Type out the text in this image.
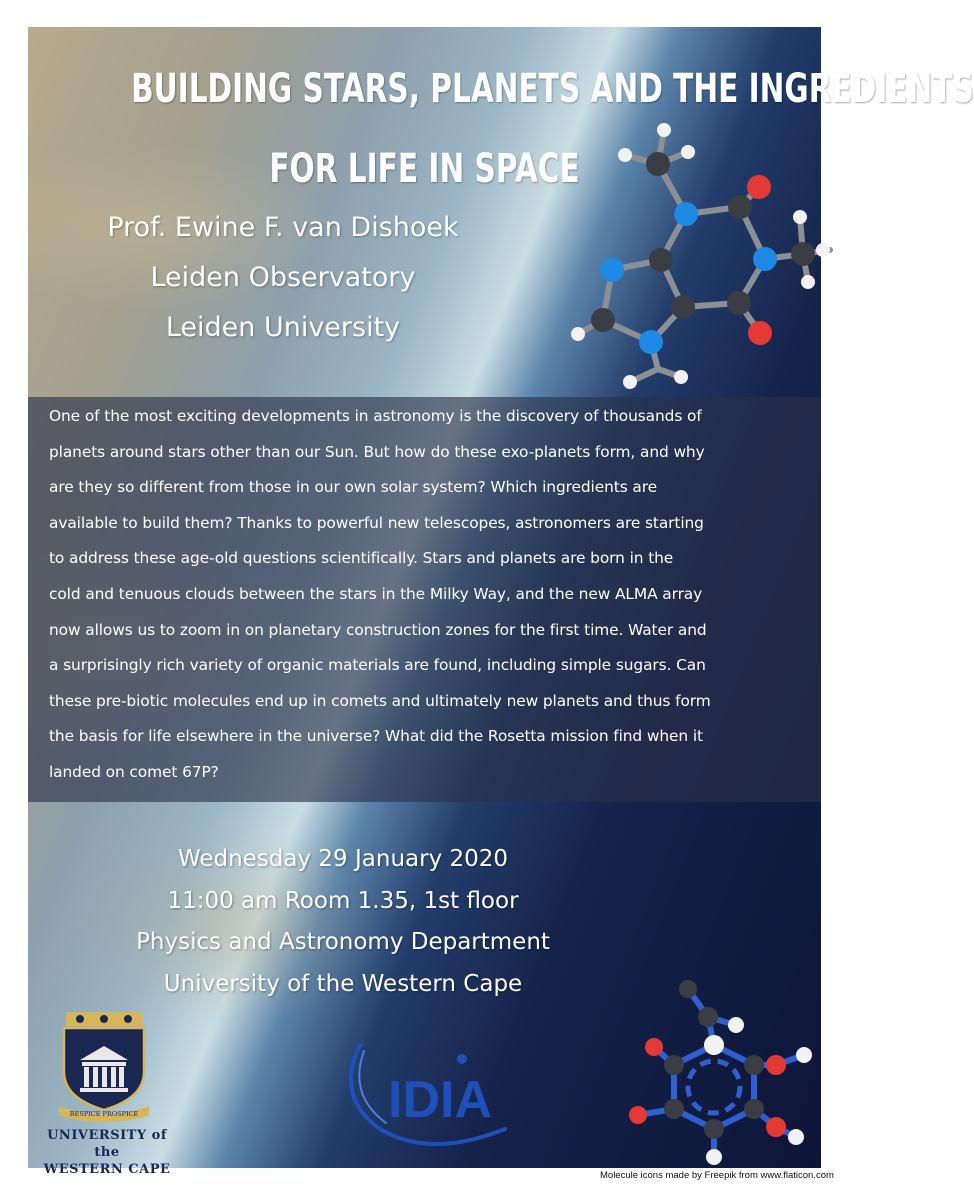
BUILDING STARS, PLANETS AND THE INGREDIENTS
FOR LIFE IN SPACE
Prof. Ewine F. van Dishoek
Leiden Observatory
Leiden University
One of the most exciting developments in astronomy is the discovery of thousands of
planets around stars other than our Sun. But how do these exo-planets form, and why
are they so different from those in our own solar system? Which ingredients are
available to build them? Thanks to powerful new telescopes, astronomers are starting
to address these age-old questions scientifically. Stars and planets are born in the
cold and tenuous clouds between the stars in the Milky Way, and the new ALMA array
now allows us to zoom in on planetary construction zones for the first time. Water and
a surprisingly rich variety of organic materials are found, including simple sugars. Can
these pre-biotic molecules end up in comets and ultimately new planets and thus form
the basis for life elsewhere in the universe? What did the Rosetta mission find when it
landed on comet 67P?
Wednesday 29 January 2020
11:00 am Room 1.35, 1st floor
Physics and Astronomy Department
University of the Western Cape
RESPICE PROSPICE
UNIVERSITY of the
WESTERN CAPE
IDIA
Molecule icons made by Freepik from www.flaticon.com
